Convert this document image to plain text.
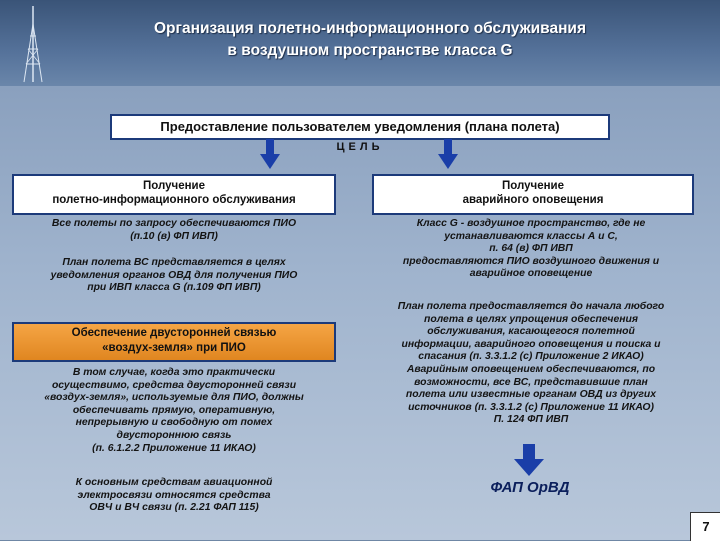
Организация полетно-информационного обслуживания
в воздушном пространстве класса G
Предоставление пользователем уведомления (плана полета)
ЦЕЛЬ
Получение
полетно-информационного обслуживания
Получение
аварийного оповещения
Все полеты по запросу обеспечиваются ПИО
(п.10 (в) ФП ИВП)
План полета ВС представляется в целях
уведомления органов ОВД для получения ПИО
при ИВП класса G (п.109 ФП ИВП)
Обеспечение двусторонней связью
«воздух-земля» при ПИО
В том случае, когда это практически
осуществимо, средства двусторонней связи
«воздух-земля», используемые для ПИО, должны
обеспечивать прямую, оперативную,
непрерывную и свободную от помех
двустороннюю связь
(п. 6.1.2.2 Приложение 11 ИКАО)
К основным средствам авиационной
электросвязи относятся средства
ОВЧ и ВЧ связи (п. 2.21 ФАП 115)
Класс G - воздушное пространство, где не
устанавливаются классы А и С,
п. 64 (в) ФП ИВП
предоставляются ПИО воздушного движения и
аварийное оповещение
План полета предоставляется до начала любого
полета в целях упрощения обеспечения
обслуживания, касающегося полетной
информации, аварийного оповещения и поиска и
спасания (п. 3.3.1.2 (c) Приложение 2 ИКАО)
Аварийным оповещением обеспечиваются, по
возможности, все ВС, представившие план
полета или известные органам ОВД из других
источников (п. 3.3.1.2 (c) Приложение 11 ИКАО)
П. 124 ФП ИВП
ФАП ОрВД
7
